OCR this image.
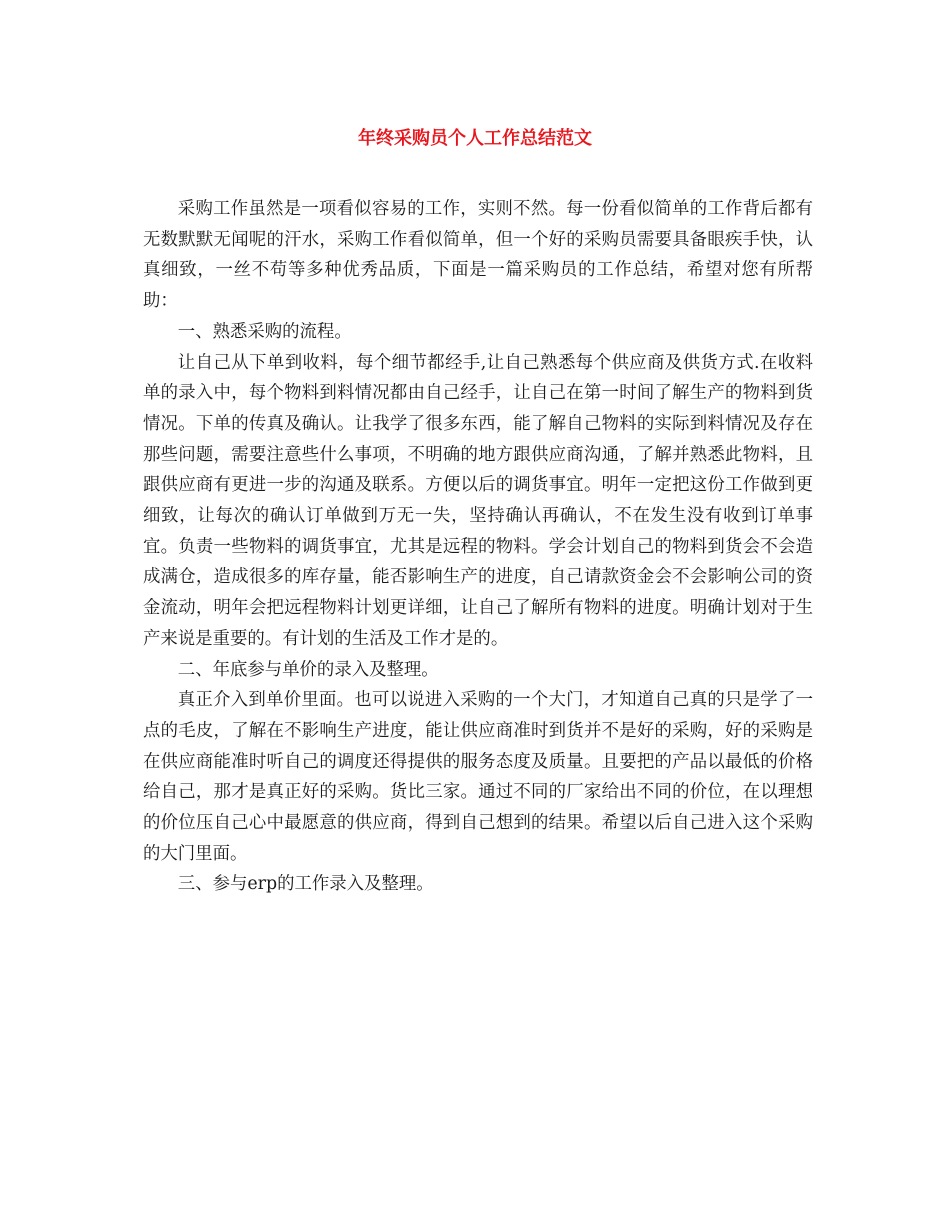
年终采购员个人工作总结范文

采购工作虽然是一项看似容易的工作，实则不然。每一份看似简单的工作背后都有无数默默无闻呢的汗水，采购工作看似简单，但一个好的采购员需要具备眼疾手快，认真细致，一丝不苟等多种优秀品质，下面是一篇采购员的工作总结，希望对您有所帮助：

一、熟悉采购的流程。

让自己从下单到收料，每个细节都经手,让自己熟悉每个供应商及供货方式.在收料单的录入中，每个物料到料情况都由自己经手，让自己在第一时间了解生产的物料到货情况。下单的传真及确认。让我学了很多东西，能了解自己物料的实际到料情况及存在那些问题，需要注意些什么事项，不明确的地方跟供应商沟通，了解并熟悉此物料，且跟供应商有更进一步的沟通及联系。方便以后的调货事宜。明年一定把这份工作做到更细致，让每次的确认订单做到万无一失，坚持确认再确认，不在发生没有收到订单事宜。负责一些物料的调货事宜，尤其是远程的物料。学会计划自己的物料到货会不会造成满仓，造成很多的库存量，能否影响生产的进度，自己请款资金会不会影响公司的资金流动，明年会把远程物料计划更详细，让自己了解所有物料的进度。明确计划对于生产来说是重要的。有计划的生活及工作才是的。

二、年底参与单价的录入及整理。

真正介入到单价里面。也可以说进入采购的一个大门，才知道自己真的只是学了一点的毛皮，了解在不影响生产进度，能让供应商准时到货并不是好的采购，好的采购是在供应商能准时听自己的调度还得提供的服务态度及质量。且要把的产品以最低的价格给自己，那才是真正好的采购。货比三家。通过不同的厂家给出不同的价位，在以理想的价位压自己心中最愿意的供应商，得到自己想到的结果。希望以后自己进入这个采购的大门里面。

三、参与erp的工作录入及整理。
